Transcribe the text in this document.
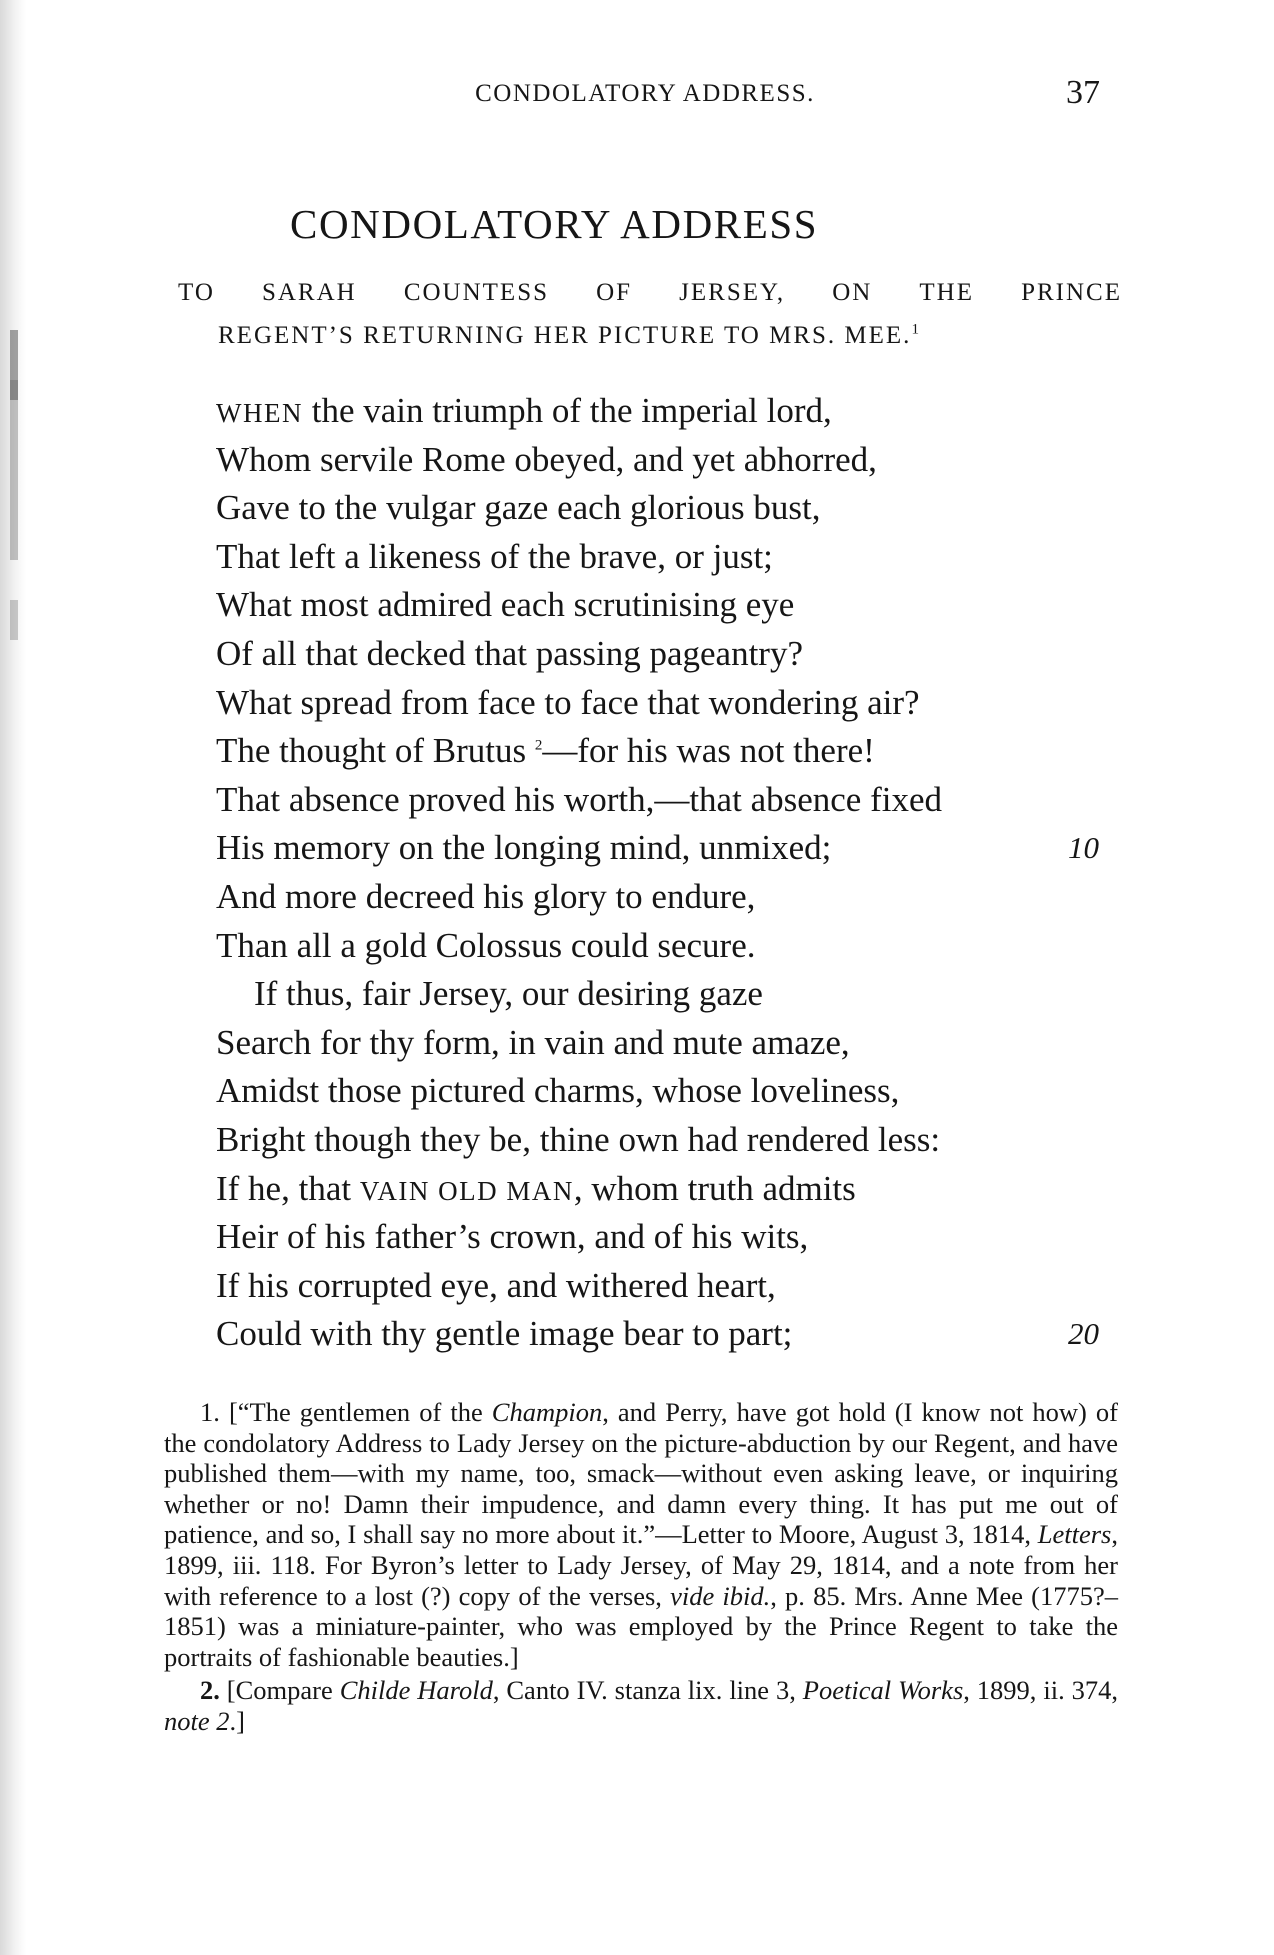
CONDOLATORY ADDRESS.	37

CONDOLATORY ADDRESS
TO SARAH COUNTESS OF JERSEY, ON THE PRINCE

REGENT’S RETURNING HER PICTURE TO MRS. MEE.$^1$

WHEN the vain triumph of the imperial lord,
Whom servile Rome obeyed, and yet abhorred,
Gave to the vulgar gaze each glorious bust,
That left a likeness of the brave, or just;
What most admired each scrutinising eye
Of all that decked that passing pageantry?
What spread from face to face that wondering air?
The thought of Brutus $^2$—for his was not there!
That absence proved his worth,—that absence fixed
His memory on the longing mind, unmixed;	10
And more decreed his glory to endure,
Than all a gold Colossus could secure.
If thus, fair Jersey, our desiring gaze
Search for thy form, in vain and mute amaze,
Amidst those pictured charms, whose loveliness,
Bright though they be, thine own had rendered less:
If he, that VAIN OLD MAN, whom truth admits
Heir of his father’s crown, and of his wits,
If his corrupted eye, and withered heart,
Could with thy gentle image bear to part;	20

1. [“The gentlemen of the Champion, and Perry, have got hold (I know not how) of the condolatory Address to Lady Jersey on the picture-abduction by our Regent, and have published them—with my name, too, smack—without even asking leave, or inquiring whether or no! Damn their impudence, and damn every thing. It has put me out of patience, and so, I shall say no more about it.”—Letter to Moore, August 3, 1814, Letters, 1899, iii. 118. For Byron’s letter to Lady Jersey, of May 29, 1814, and a note from her with reference to a lost (?) copy of the verses, vide ibid., p. 85. Mrs. Anne Mee (1775?–1851) was a miniature-painter, who was employed by the Prince Regent to take the portraits of fashionable beauties.]

2. [Compare Childe Harold, Canto IV. stanza lix. line 3, Poetical Works, 1899, ii. 374, note 2.]
